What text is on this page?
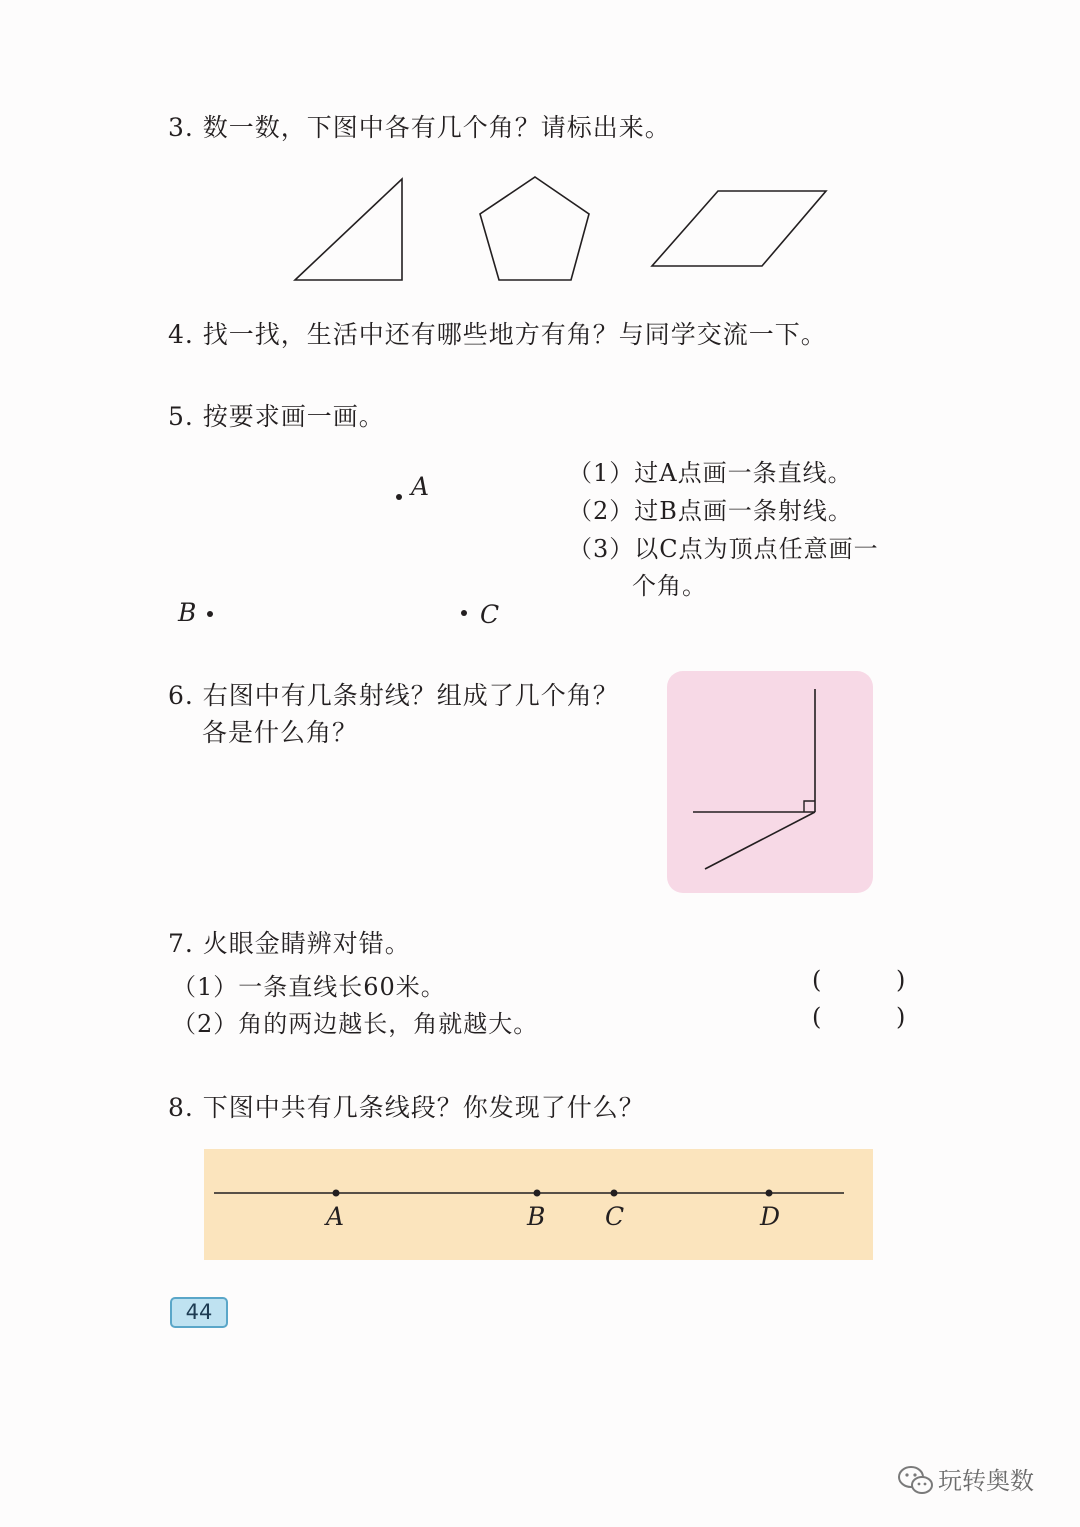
3. 数一数，下图中各有几个角？请标出来。
4. 找一找，生活中还有哪些地方有角？与同学交流一下。
5. 按要求画一画。
A
B	C
（1）过A点画一条直线。
（2）过B点画一条射线。
（3）以C点为顶点任意画一
个角。
6. 右图中有几条射线？组成了几个角？
各是什么角？
7. 火眼金睛辨对错。
（1）一条直线长60米。
（2）角的两边越长，角就越大。
(	)
(	)
8. 下图中共有几条线段？你发现了什么？
A	B C	D
44
玩转奥数
